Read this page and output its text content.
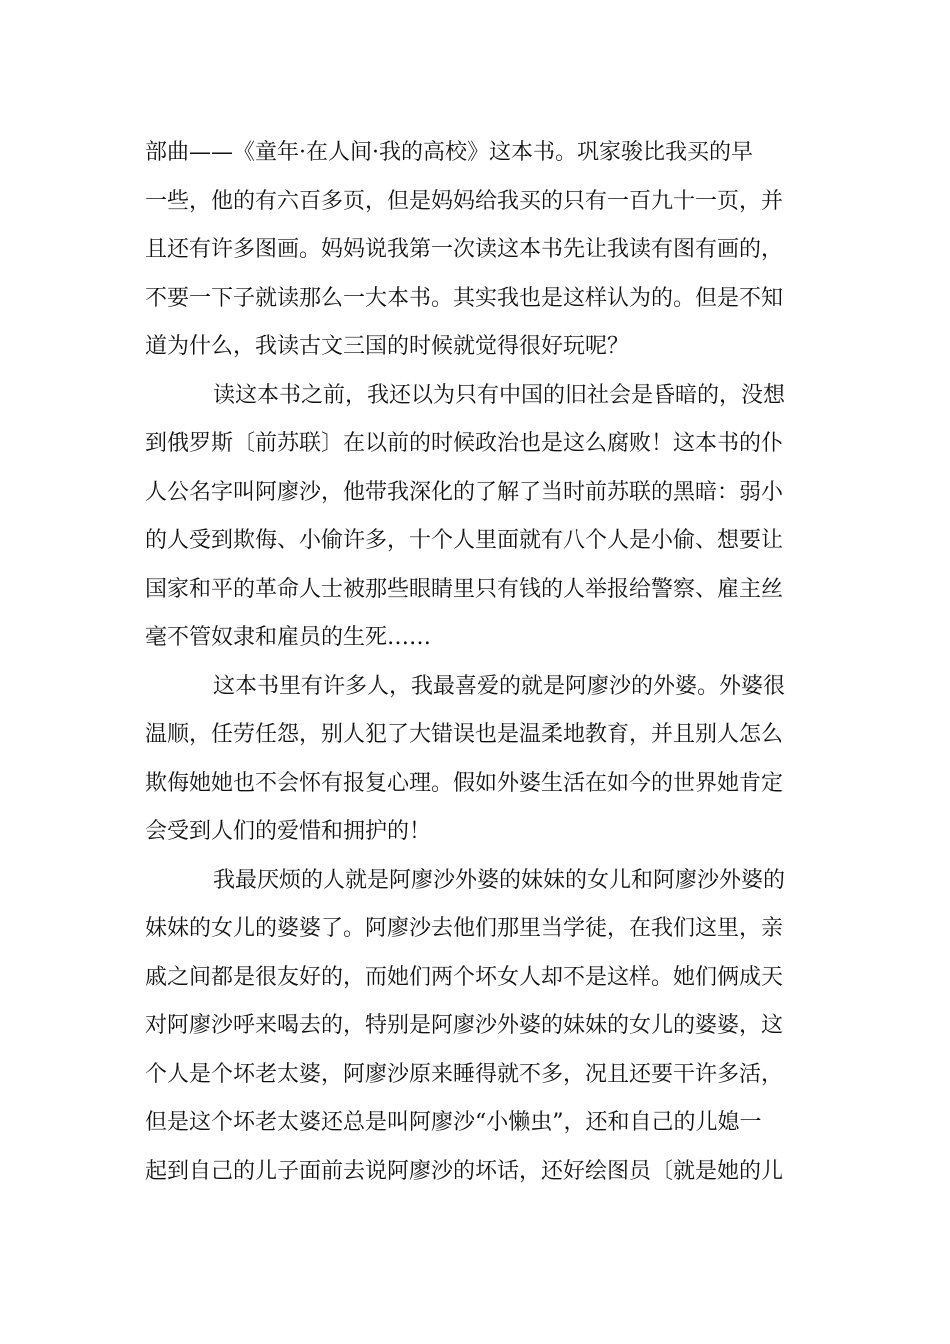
部曲——《童年·在人间·我的高校》这本书。巩家骏比我买的早
一些，他的有六百多页，但是妈妈给我买的只有一百九十一页，并
且还有许多图画。妈妈说我第一次读这本书先让我读有图有画的，
不要一下子就读那么一大本书。其实我也是这样认为的。但是不知
道为什么，我读古文三国的时候就觉得很好玩呢？
读这本书之前，我还以为只有中国的旧社会是昏暗的，没想
到俄罗斯〔前苏联〕在以前的时候政治也是这么腐败！这本书的仆
人公名字叫阿廖沙，他带我深化的了解了当时前苏联的黑暗：弱小
的人受到欺侮、小偷许多，十个人里面就有八个人是小偷、想要让
国家和平的革命人士被那些眼睛里只有钱的人举报给警察、雇主丝
毫不管奴隶和雇员的生死……
这本书里有许多人，我最喜爱的就是阿廖沙的外婆。外婆很
温顺，任劳任怨，别人犯了大错误也是温柔地教育，并且别人怎么
欺侮她她也不会怀有报复心理。假如外婆生活在如今的世界她肯定
会受到人们的爱惜和拥护的！
我最厌烦的人就是阿廖沙外婆的妹妹的女儿和阿廖沙外婆的
妹妹的女儿的婆婆了。阿廖沙去他们那里当学徒，在我们这里，亲
戚之间都是很友好的，而她们两个坏女人却不是这样。她们俩成天
对阿廖沙呼来喝去的，特别是阿廖沙外婆的妹妹的女儿的婆婆，这
个人是个坏老太婆，阿廖沙原来睡得就不多，况且还要干许多活，
但是这个坏老太婆还总是叫阿廖沙“小懒虫”，还和自己的儿媳一
起到自己的儿子面前去说阿廖沙的坏话，还好绘图员〔就是她的儿
